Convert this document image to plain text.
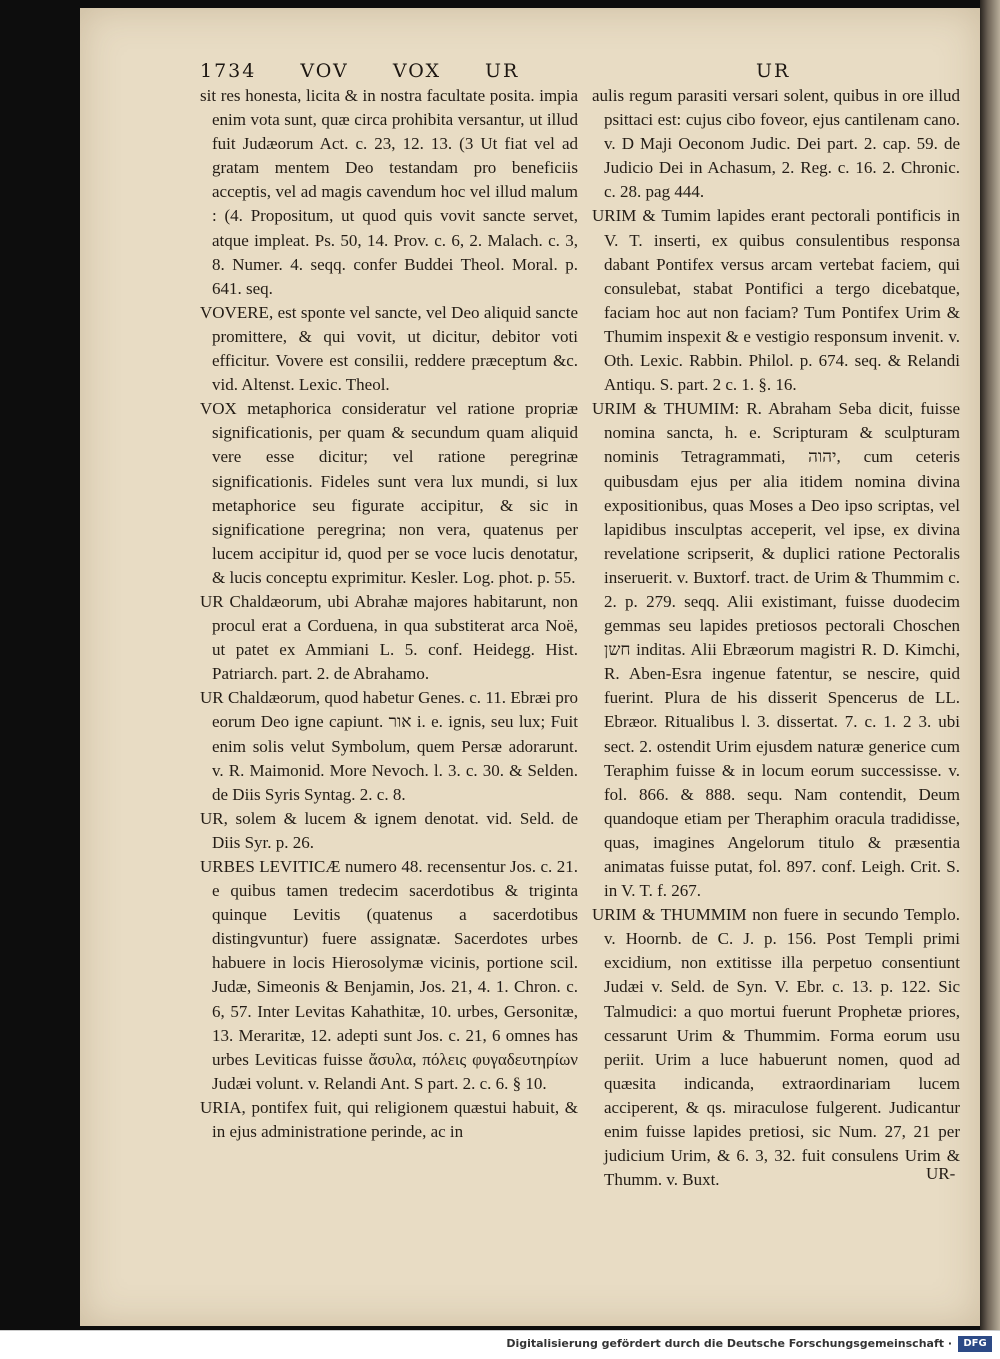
1734 VOV VOX UR	UR

sit res honesta, licita & in nostra facultate posita. impia enim vota sunt, quæ circa prohibita versantur, ut illud fuit Judæorum Act. c. 23, 12. 13. (3 Ut fiat vel ad gratam mentem Deo testandam pro beneficiis acceptis, vel ad magis cavendum hoc vel illud malum : (4. Propositum, ut quod quis vovit sancte servet, atque impleat. Ps. 50, 14. Prov. c. 6, 2. Malach. c. 3, 8. Numer. 4. seqq. confer Buddei Theol. Moral. p. 641. seq.

VOVERE, est sponte vel sancte, vel Deo aliquid sancte promittere, & qui vovit, ut dicitur, debitor voti efficitur. Vovere est consilii, reddere præceptum &c. vid. Altenst. Lexic. Theol.

VOX metaphorica consideratur vel ratione propriæ significationis, per quam & secundum quam aliquid vere esse dicitur; vel ratione peregrinæ significationis. Fideles sunt vera lux mundi, si lux metaphorice seu figurate accipitur, & sic in significatione peregrina; non vera, quatenus per lucem accipitur id, quod per se voce lucis denotatur, & lucis conceptu exprimitur. Kesler. Log. phot. p. 55.

UR Chaldæorum, ubi Abrahæ majores habitarunt, non procul erat a Corduena, in qua substiterat arca Noë, ut patet ex Ammiani L. 5. conf. Heidegg. Hist. Patriarch. part. 2. de Abrahamo.

UR Chaldæorum, quod habetur Genes. c. 11. Ebræi pro eorum Deo igne capiunt. אור i. e. ignis, seu lux; Fuit enim solis velut Symbolum, quem Persæ adorarunt. v. R. Maimonid. More Nevoch. l. 3. c. 30. & Selden. de Diis Syris Syntag. 2. c. 8.

UR, solem & lucem & ignem denotat. vid. Seld. de Diis Syr. p. 26.

URBES LEVITICÆ numero 48. recensentur Jos. c. 21. e quibus tamen tredecim sacerdotibus & triginta quinque Levitis (quatenus a sacerdotibus distingvuntur) fuere assignatæ. Sacerdotes urbes habuere in locis Hierosolymæ vicinis, portione scil. Judæ, Simeonis & Benjamin, Jos. 21, 4. 1. Chron. c. 6, 57. Inter Levitas Kahathitæ, 10. urbes, Gersonitæ, 13. Meraritæ, 12. adepti sunt Jos. c. 21, 6 omnes has urbes Leviticas fuisse ἄσυλα, πόλεις φυγαδευτηρίων Judæi volunt. v. Relandi Ant. S part. 2. c. 6. § 10.

URIA, pontifex fuit, qui religionem quæstui habuit, & in ejus administratione perinde, ac in

aulis regum parasiti versari solent, quibus in ore illud psittaci est: cujus cibo foveor, ejus cantilenam cano. v. D Maji Oeconom Judic. Dei part. 2. cap. 59. de Judicio Dei in Achasum, 2. Reg. c. 16. 2. Chronic. c. 28. pag 444.

URIM & Tumim lapides erant pectorali pontificis in V. T. inserti, ex quibus consulentibus responsa dabant Pontifex versus arcam vertebat faciem, qui consulebat, stabat Pontifici a tergo dicebatque, faciam hoc aut non faciam? Tum Pontifex Urim & Thumim inspexit & e vestigio responsum invenit. v. Oth. Lexic. Rabbin. Philol. p. 674. seq. & Relandi Antiqu. S. part. 2 c. 1. §. 16.

URIM & THUMIM: R. Abraham Seba dicit, fuisse nomina sancta, h. e. Scripturam & sculpturam nominis Tetragrammati, יהוה, cum ceteris quibusdam ejus per alia itidem nomina divina expositionibus, quas Moses a Deo ipso scriptas, vel lapidibus insculptas acceperit, vel ipse, ex divina revelatione scripserit, & duplici ratione Pectoralis inseruerit. v. Buxtorf. tract. de Urim & Thummim c. 2. p. 279. seqq. Alii existimant, fuisse duodecim gemmas seu lapides pretiosos pectorali Choschen חשן inditas. Alii Ebræorum magistri R. D. Kimchi, R. Aben-Esra ingenue fatentur, se nescire, quid fuerint. Plura de his disserit Spencerus de LL. Ebræor. Ritualibus l. 3. dissertat. 7. c. 1. 2 3. ubi sect. 2. ostendit Urim ejusdem naturæ generice cum Teraphim fuisse & in locum eorum successisse. v. fol. 866. & 888. sequ. Nam contendit, Deum quandoque etiam per Theraphim oracula tradidisse, quas, imagines Angelorum titulo & præsentia animatas fuisse putat, fol. 897. conf. Leigh. Crit. S. in V. T. f. 267.

URIM & THUMMIM non fuere in secundo Templo. v. Hoornb. de C. J. p. 156. Post Templi primi excidium, non extitisse illa perpetuo consentiunt Judæi v. Seld. de Syn. V. Ebr. c. 13. p. 122. Sic Talmudici: a quo mortui fuerunt Prophetæ priores, cessarunt Urim & Thummim. Forma eorum usu periit. Urim a luce habuerunt nomen, quod ad quæsita indicanda, extraordinariam lucem acciperent, & qs. miraculose fulgerent. Judicantur enim fuisse lapides pretiosi, sic Num. 27, 21 per judicium Urim, & 6. 3, 32. fuit consulens Urim & Thumm. v. Buxt.	UR-
Digitalisierung gefördert durch die Deutsche Forschungsgemeinschaft ·	DFG
